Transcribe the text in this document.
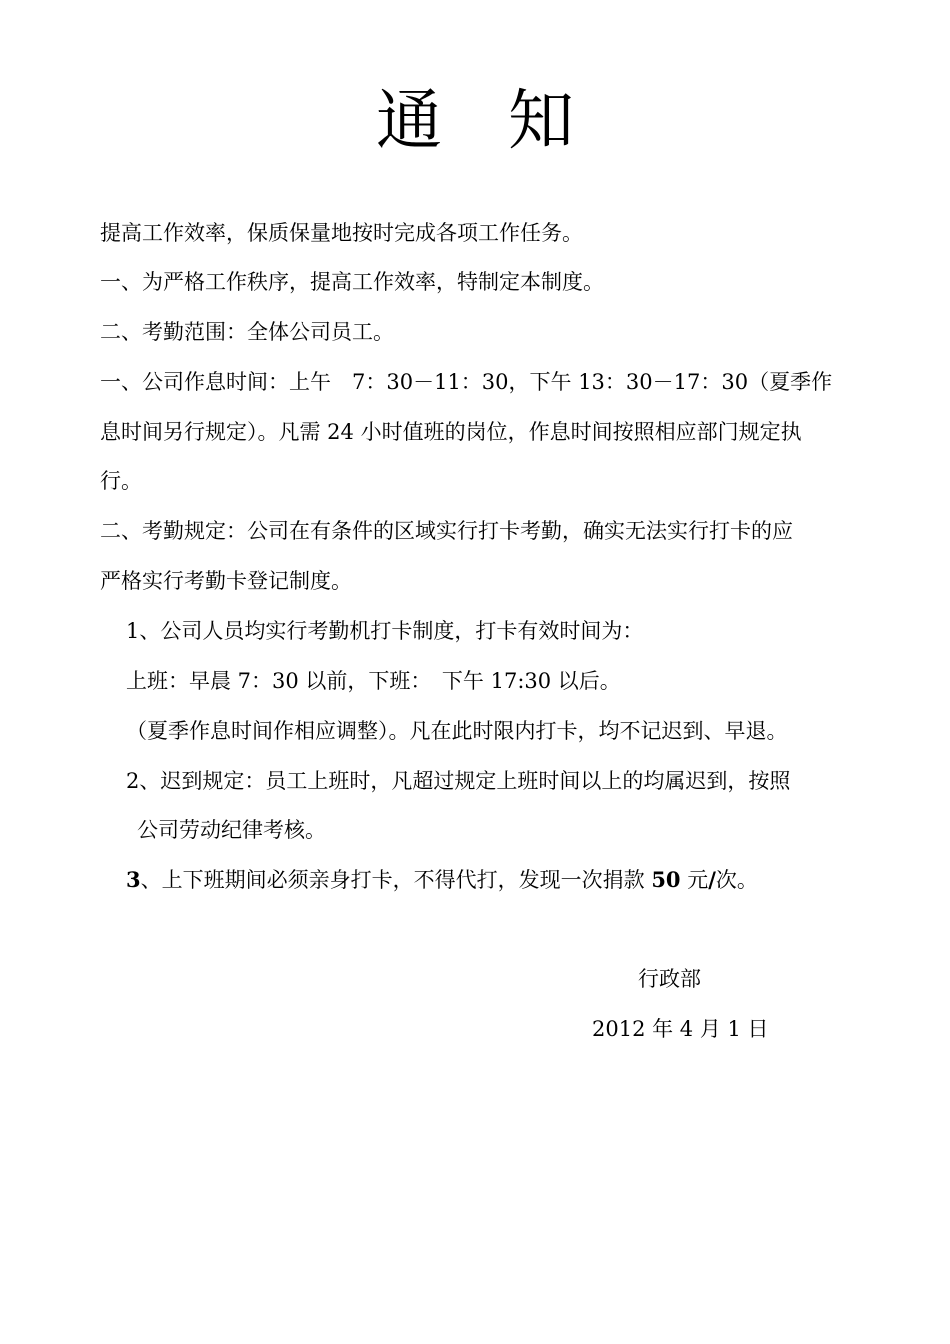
通 知
提高工作效率，保质保量地按时完成各项工作任务。
一、为严格工作秩序，提高工作效率，特制定本制度。
二、考勤范围：全体公司员工。
一、公司作息时间：上午　7：30－11：30，下午 13：30－17：30（夏季作
息时间另行规定）。凡需 24 小时值班的岗位，作息时间按照相应部门规定执
行。
二、考勤规定：公司在有条件的区域实行打卡考勤，确实无法实行打卡的应
严格实行考勤卡登记制度。
1、公司人员均实行考勤机打卡制度，打卡有效时间为：
上班：早晨 7：30 以前，下班：　下午 17:30 以后。
（夏季作息时间作相应调整）。凡在此时限内打卡，均不记迟到、早退。
2、迟到规定：员工上班时，凡超过规定上班时间以上的均属迟到，按照
公司劳动纪律考核。
3、上下班期间必须亲身打卡，不得代打，发现一次捐款 50 元/次。
行政部
2012 年 4 月 1 日
